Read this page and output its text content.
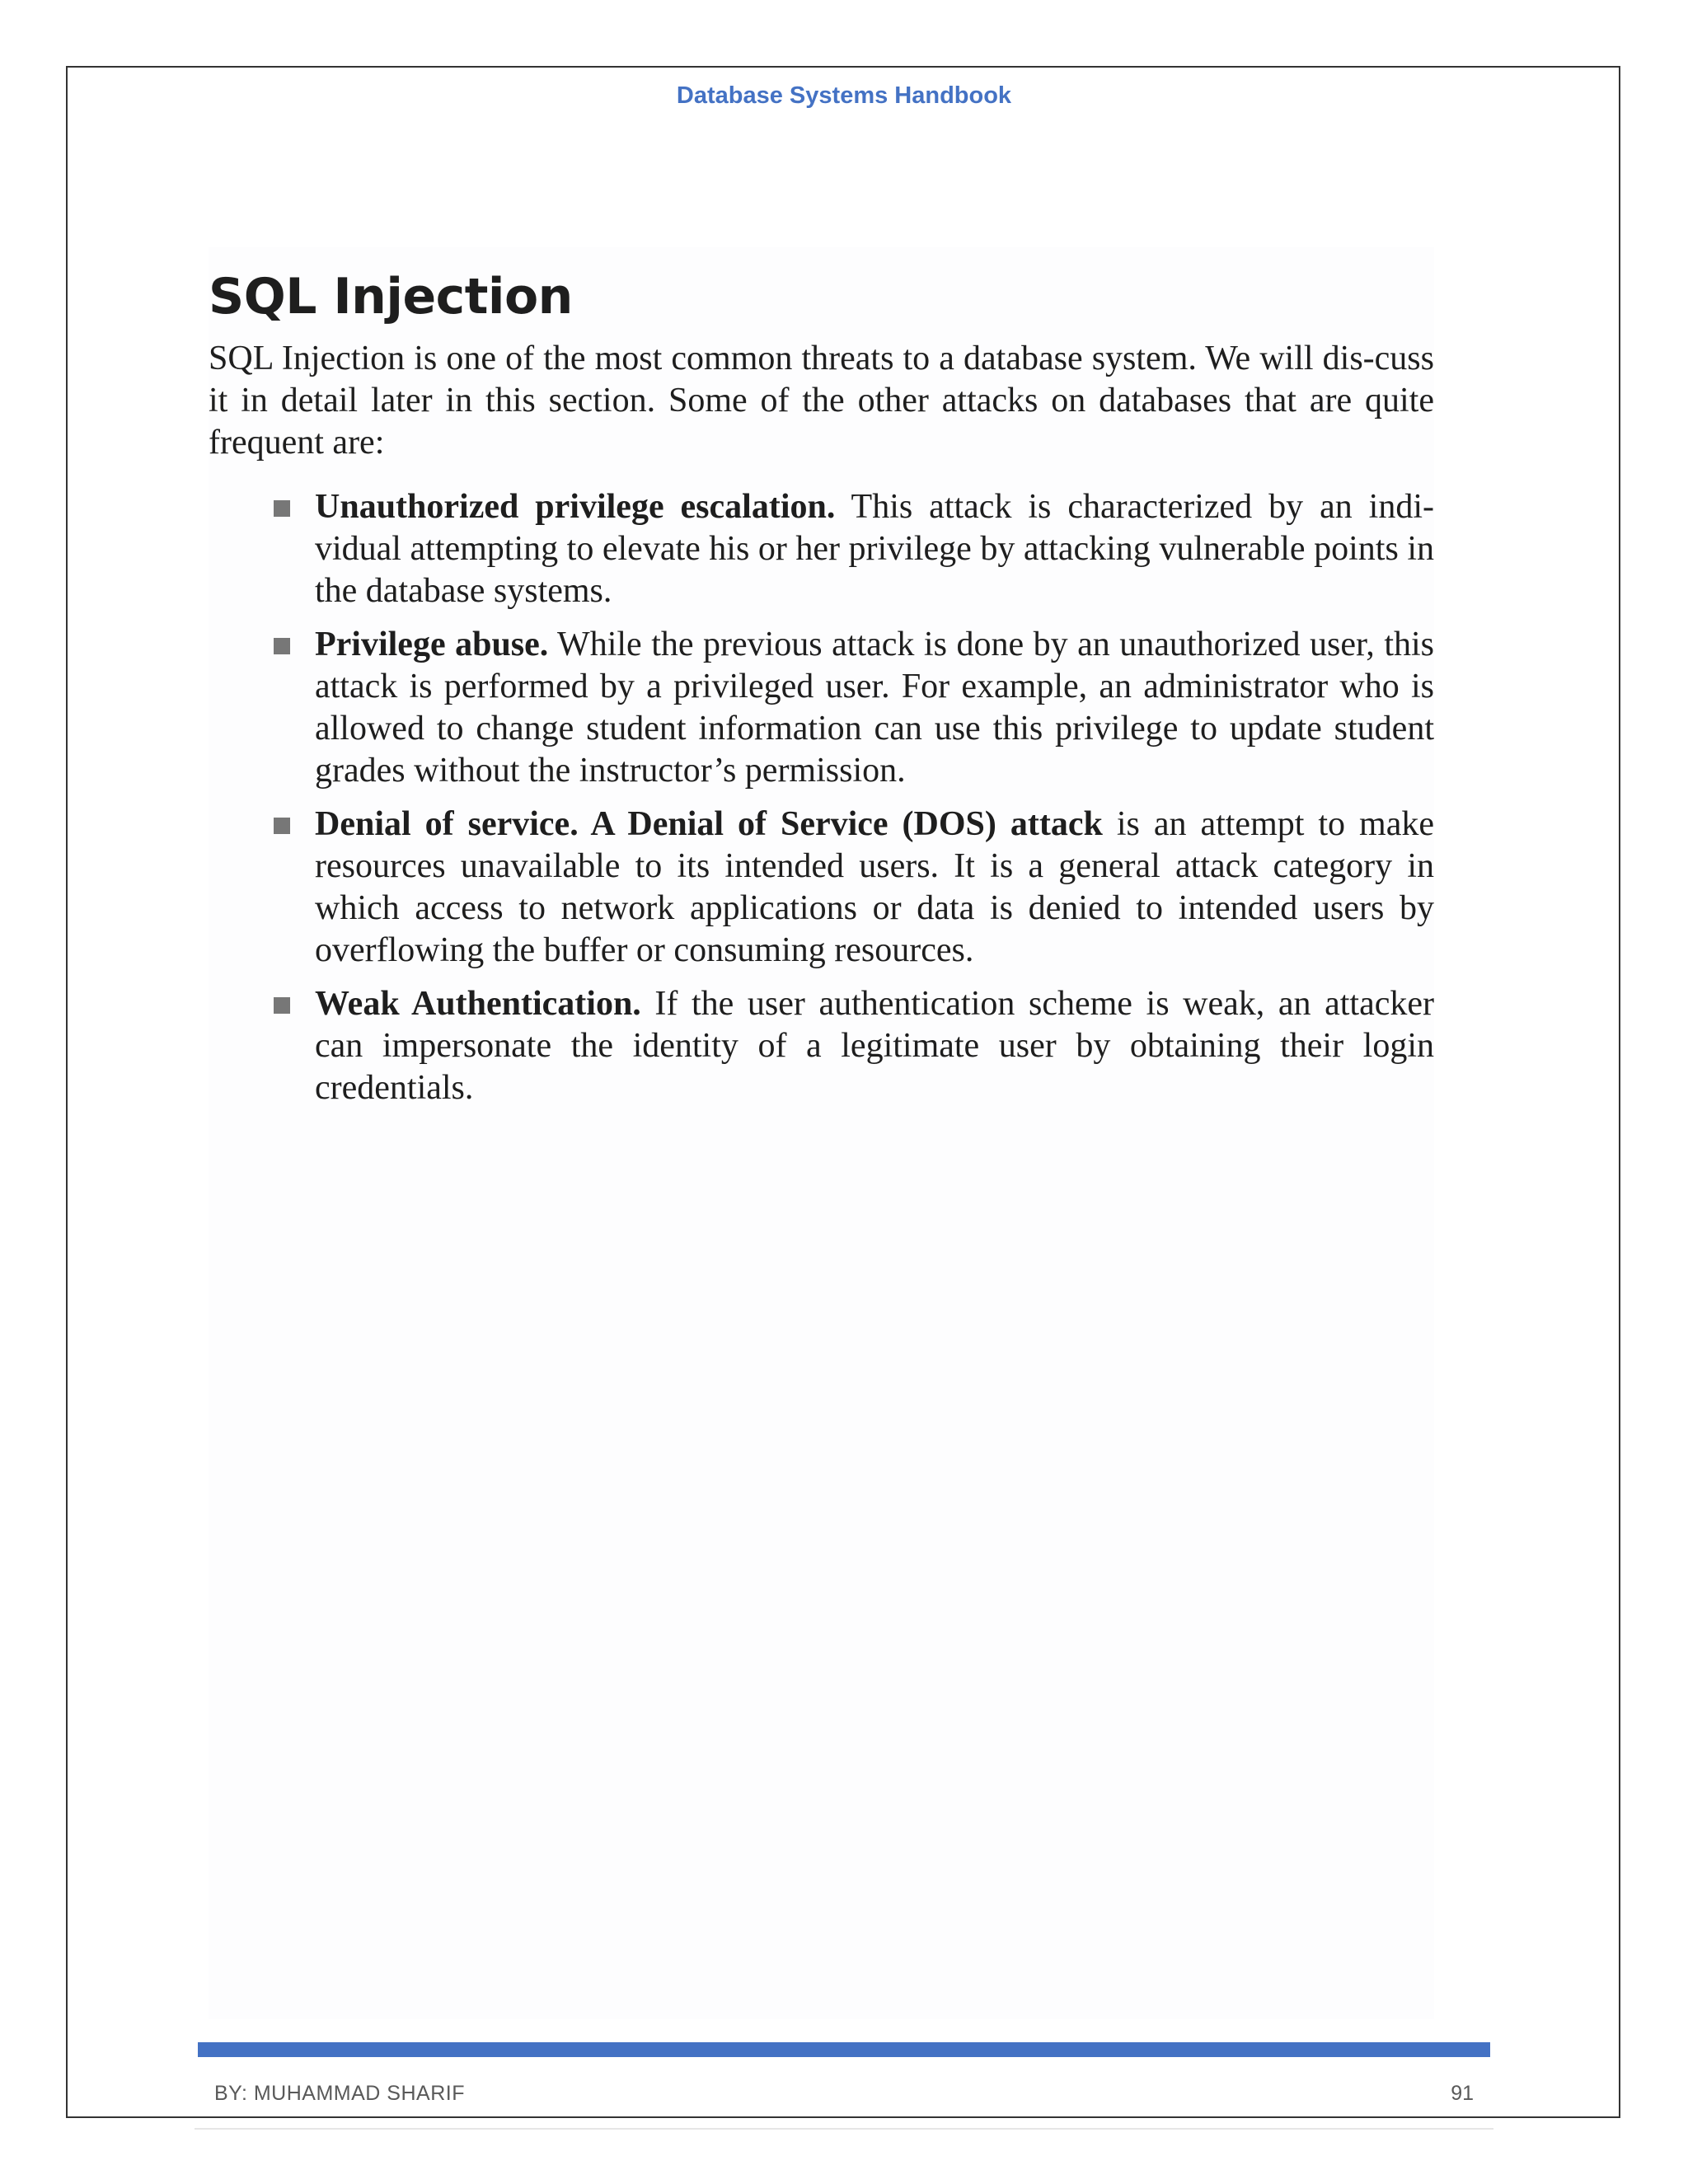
Database Systems Handbook
SQL Injection

SQL Injection is one of the most common threats to a database system. We will dis-cuss it in detail later in this section. Some of the other attacks on databases that are quite frequent are:

Unauthorized privilege escalation. This attack is characterized by an indi-vidual attempting to elevate his or her privilege by attacking vulnerable points in the database systems.
Privilege abuse. While the previous attack is done by an unauthorized user, this attack is performed by a privileged user. For example, an administrator who is allowed to change student information can use this privilege to update student grades without the instructor’s permission.
Denial of service. A Denial of Service (DOS) attack is an attempt to make resources unavailable to its intended users. It is a general attack category in which access to network applications or data is denied to intended users by overflowing the buffer or consuming resources.
Weak Authentication. If the user authentication scheme is weak, an attacker can impersonate the identity of a legitimate user by obtaining their login credentials.
BY: MUHAMMAD SHARIF	91
